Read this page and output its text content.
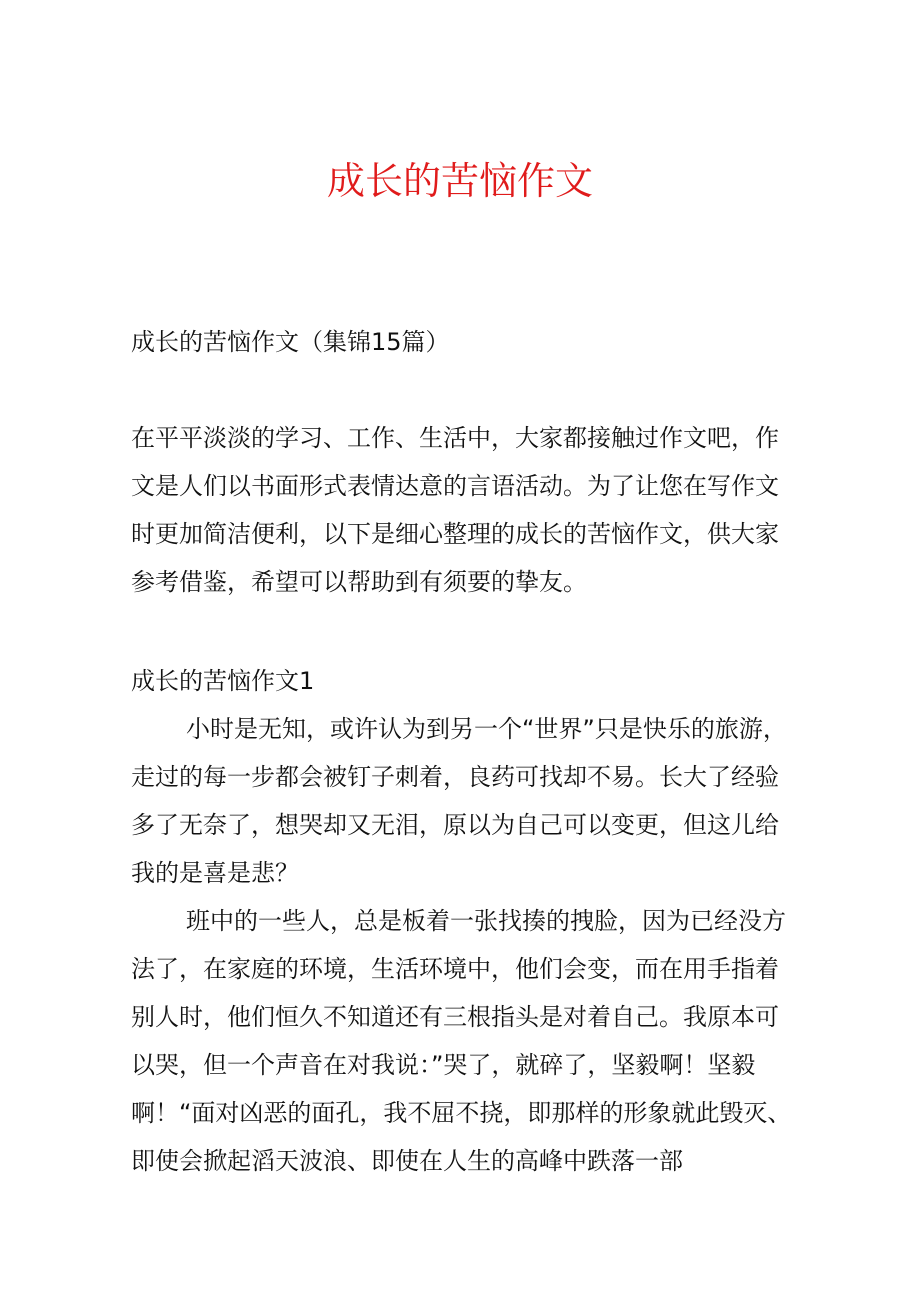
成长的苦恼作文

成长的苦恼作文（集锦15篇）

在平平淡淡的学习、工作、生活中，大家都接触过作文吧，作文是人们以书面形式表情达意的言语活动。为了让您在写作文时更加简洁便利，以下是细心整理的成长的苦恼作文，供大家参考借鉴，希望可以帮助到有须要的挚友。

成长的苦恼作文1

小时是无知，或许认为到另一个“世界”只是快乐的旅游，走过的每一步都会被钉子刺着，良药可找却不易。长大了经验多了无奈了，想哭却又无泪，原以为自己可以变更，但这儿给我的是喜是悲？

班中的一些人，总是板着一张找揍的拽脸，因为已经没方法了，在家庭的环境，生活环境中，他们会变，而在用手指着别人时，他们恒久不知道还有三根指头是对着自己。我原本可以哭，但一个声音在对我说：”哭了，就碎了，坚毅啊！坚毅啊！“面对凶恶的面孔，我不屈不挠，即那样的形象就此毁灭、即使会掀起滔天波浪、即使在人生的高峰中跌落一部
